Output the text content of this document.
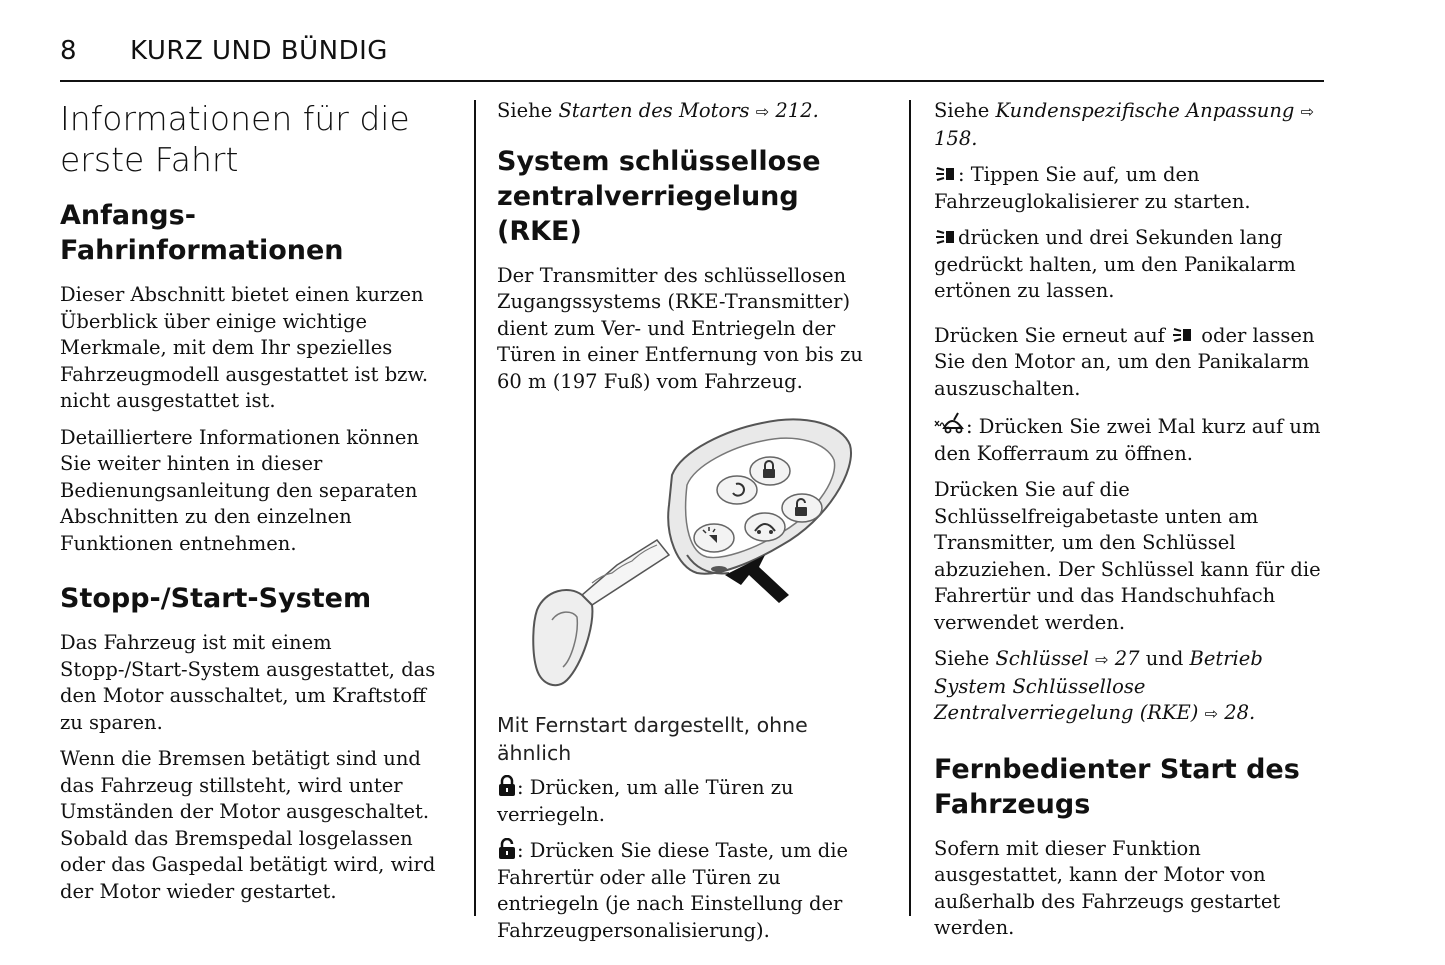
8 KURZ UND BÜNDIG
Informationen für die erste Fahrt
Anfangs-Fahrinformationen

Dieser Abschnitt bietet einen kurzen Überblick über einige wichtige Merkmale, mit dem Ihr spezielles Fahrzeugmodell ausgestattet ist bzw. nicht ausgestattet ist.

Detailliertere Informationen können Sie weiter hinten in dieser Bedienungsanleitung den separaten Abschnitten zu den einzelnen Funktionen entnehmen.

Stopp-/Start-System

Das Fahrzeug ist mit einem Stopp-/Start-System ausgestattet, das den Motor ausschaltet, um Kraftstoff zu sparen.

Wenn die Bremsen betätigt sind und das Fahrzeug stillsteht, wird unter Umständen der Motor ausgeschaltet. Sobald das Bremspedal losgelassen oder das Gaspedal betätigt wird, wird der Motor wieder gestartet.

Siehe Starten des Motors ⇨ 212.

System schlüssellose zentralverriegelung (RKE)

Der Transmitter des schlüssellosen Zugangssystems (RKE-Transmitter) dient zum Ver- und Entriegeln der Türen in einer Entfernung von bis zu 60 m (197 Fuß) vom Fahrzeug.

Mit Fernstart dargestellt, ohne ähnlich

: Drücken, um alle Türen zu verriegeln.

: Drücken Sie diese Taste, um die Fahrertür oder alle Türen zu entriegeln (je nach Einstellung der Fahrzeugpersonalisierung).

Siehe Kundenspezifische Anpassung ⇨ 158.

: Tippen Sie auf, um den Fahrzeuglokalisierer zu starten.

drücken und drei Sekunden lang gedrückt halten, um den Panikalarm ertönen zu lassen.

Drücken Sie erneut auf oder lassen Sie den Motor an, um den Panikalarm auszuschalten.

: Drücken Sie zwei Mal kurz auf um den Kofferraum zu öffnen.

Drücken Sie auf die Schlüsselfreigabetaste unten am Transmitter, um den Schlüssel abzuziehen. Der Schlüssel kann für die Fahrertür und das Handschuhfach verwendet werden.

Siehe Schlüssel ⇨ 27 und Betrieb System Schlüssellose Zentralverriegelung (RKE) ⇨ 28.

Fernbedienter Start des Fahrzeugs

Sofern mit dieser Funktion ausgestattet, kann der Motor von außerhalb des Fahrzeugs gestartet werden.
